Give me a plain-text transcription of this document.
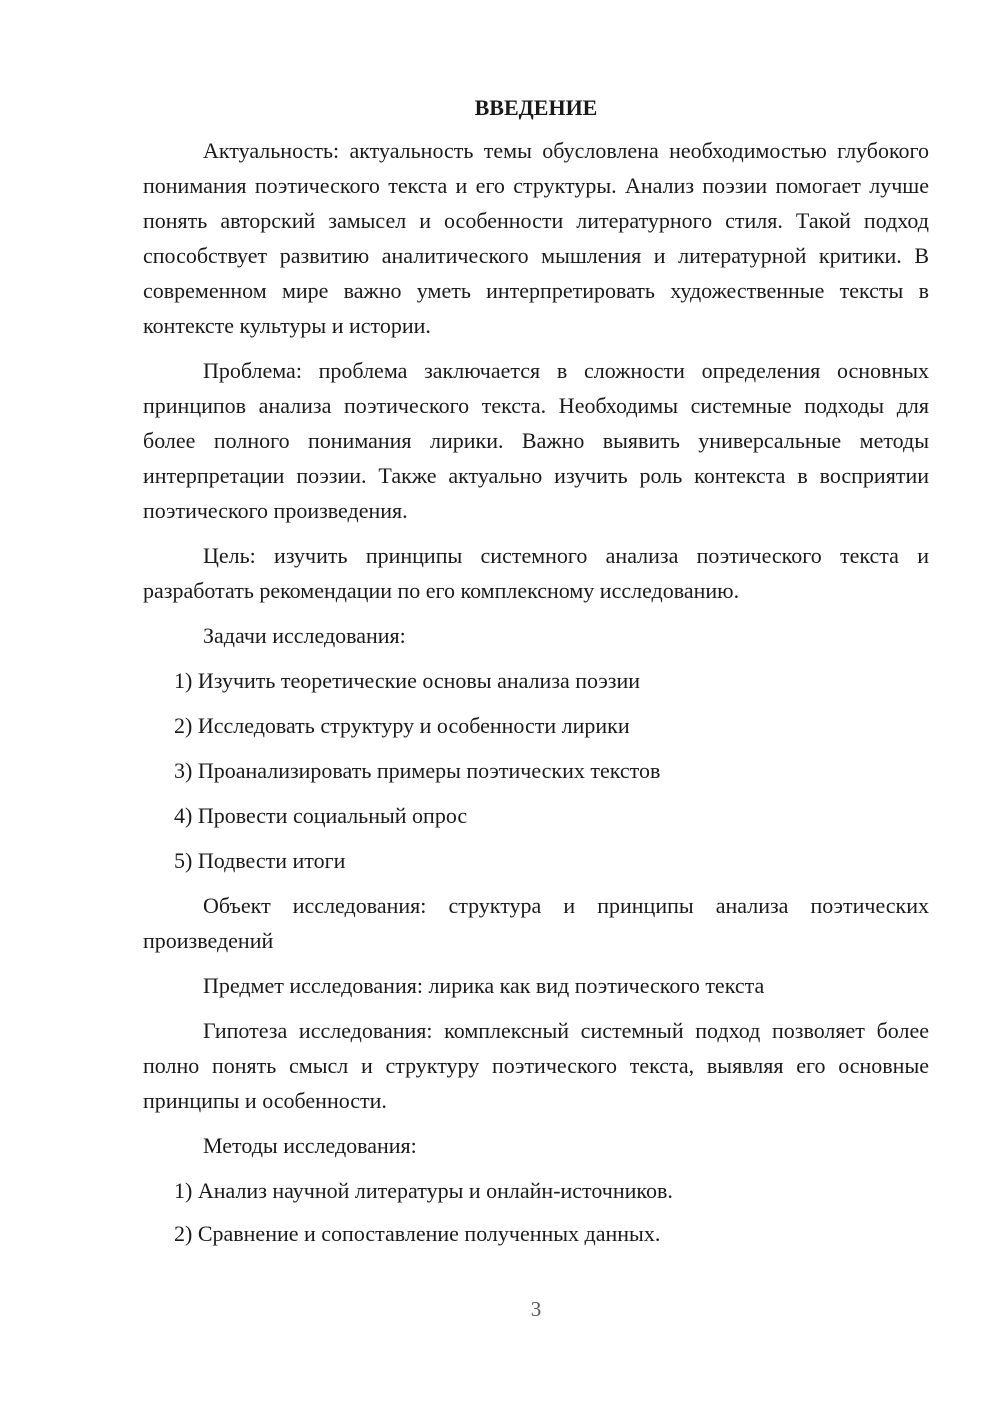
ВВЕДЕНИЕ

Актуальность: актуальность темы обусловлена необходимостью глубокого понимания поэтического текста и его структуры. Анализ поэзии помогает лучше понять авторский замысел и особенности литературного стиля. Такой подход способствует развитию аналитического мышления и литературной критики. В современном мире важно уметь интерпретировать художественные тексты в контексте культуры и истории.

Проблема: проблема заключается в сложности определения основных принципов анализа поэтического текста. Необходимы системные подходы для более полного понимания лирики. Важно выявить универсальные методы интерпретации поэзии. Также актуально изучить роль контекста в восприятии поэтического произведения.

Цель: изучить принципы системного анализа поэтического текста и разработать рекомендации по его комплексному исследованию.

Задачи исследования:

1) Изучить теоретические основы анализа поэзии
2) Исследовать структуру и особенности лирики
3) Проанализировать примеры поэтических текстов
4) Провести социальный опрос
5) Подвести итоги

Объект исследования: структура и принципы анализа поэтических произведений

Предмет исследования: лирика как вид поэтического текста

Гипотеза исследования: комплексный системный подход позволяет более полно понять смысл и структуру поэтического текста, выявляя его основные принципы и особенности.

Методы исследования:

1) Анализ научной литературы и онлайн-источников.
2) Сравнение и сопоставление полученных данных.
3
